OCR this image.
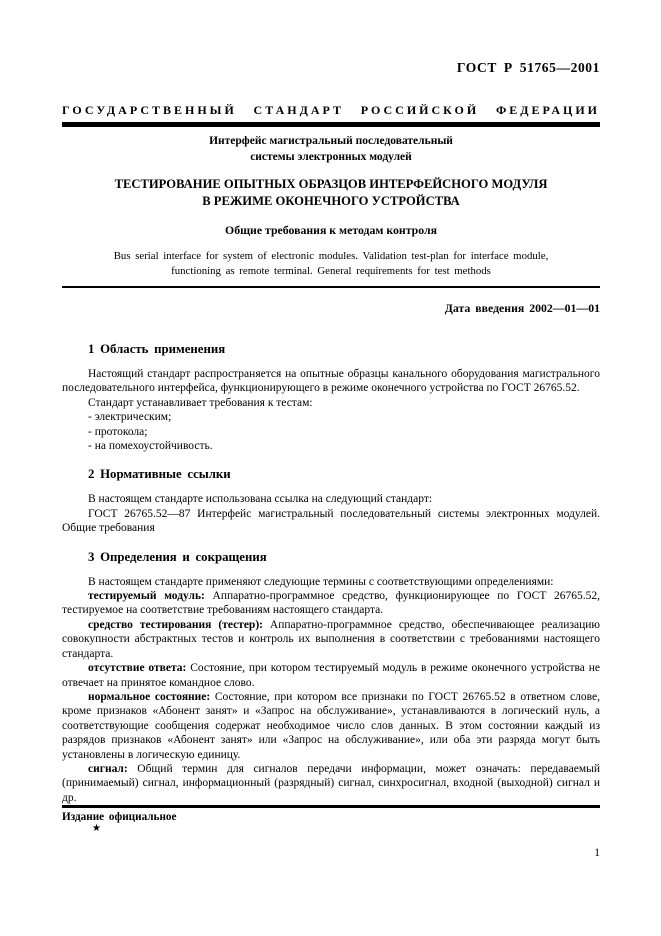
ГОСТ Р 51765—2001
ГОСУДАРСТВЕННЫЙ СТАНДАРТ РОССИЙСКОЙ ФЕДЕРАЦИИ
Интерфейс магистральный последовательный
системы электронных модулей
ТЕСТИРОВАНИЕ ОПЫТНЫХ ОБРАЗЦОВ ИНТЕРФЕЙСНОГО МОДУЛЯ
В РЕЖИМЕ ОКОНЕЧНОГО УСТРОЙСТВА
Общие требования к методам контроля
Bus serial interface for system of electronic modules. Validation test-plan for interface module,
functioning as remote terminal. General requirements for test methods
Дата введения 2002—01—01
1 Область применения

Настоящий стандарт распространяется на опытные образцы канального оборудования магистрального последовательного интерфейса, функционирующего в режиме оконечного устройства по ГОСТ 26765.52.

Стандарт устанавливает требования к тестам:

- электрическим;

- протокола;

- на помехоустойчивость.

2 Нормативные ссылки

В настоящем стандарте использована ссылка на следующий стандарт:

ГОСТ 26765.52—87 Интерфейс магистральный последовательный системы электронных модулей. Общие требования

3 Определения и сокращения

В настоящем стандарте применяют следующие термины с соответствующими определениями:

тестируемый модуль: Аппаратно-программное средство, функционирующее по ГОСТ 26765.52, тестируемое на соответствие требованиям настоящего стандарта.

средство тестирования (тестер): Аппаратно-программное средство, обеспечивающее реализацию совокупности абстрактных тестов и контроль их выполнения в соответствии с требованиями настоящего стандарта.

отсутствие ответа: Состояние, при котором тестируемый модуль в режиме оконечного устройства не отвечает на принятое командное слово.

нормальное состояние: Состояние, при котором все признаки по ГОСТ 26765.52 в ответном слове, кроме признаков «Абонент занят» и «Запрос на обслуживание», устанавливаются в логический нуль, а соответствующие сообщения содержат необходимое число слов данных. В этом состоянии каждый из разрядов признаков «Абонент занят» или «Запрос на обслуживание», или оба эти разряда могут быть установлены в логическую единицу.

сигнал: Общий термин для сигналов передачи информации, может означать: передаваемый (принимаемый) сигнал, информационный (разрядный) сигнал, синхросигнал, входной (выходной) сигнал и др.

Издание официальное
★
1
